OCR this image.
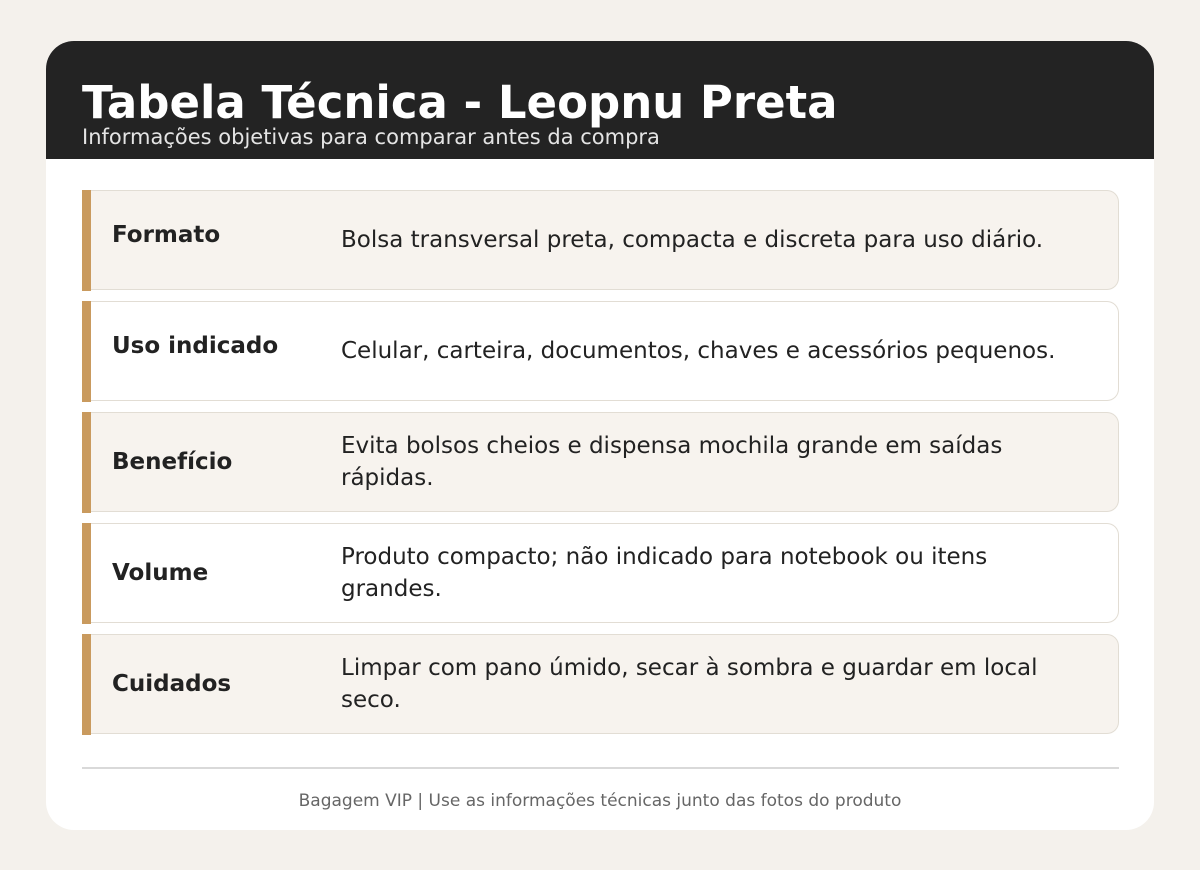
Tabela Técnica - Leopnu Preta
Informações objetivas para comparar antes da compra
Formato	Bolsa transversal preta, compacta e discreta para uso diário.
Uso indicado	Celular, carteira, documentos, chaves e acessórios pequenos.
Benefício
Evita bolsos cheios e dispensa mochila grande em saídas rápidas.
Volume
Produto compacto; não indicado para notebook ou itens grandes.
Cuidados
Limpar com pano úmido, secar à sombra e guardar em local seco.
Bagagem VIP | Use as informações técnicas junto das fotos do produto
